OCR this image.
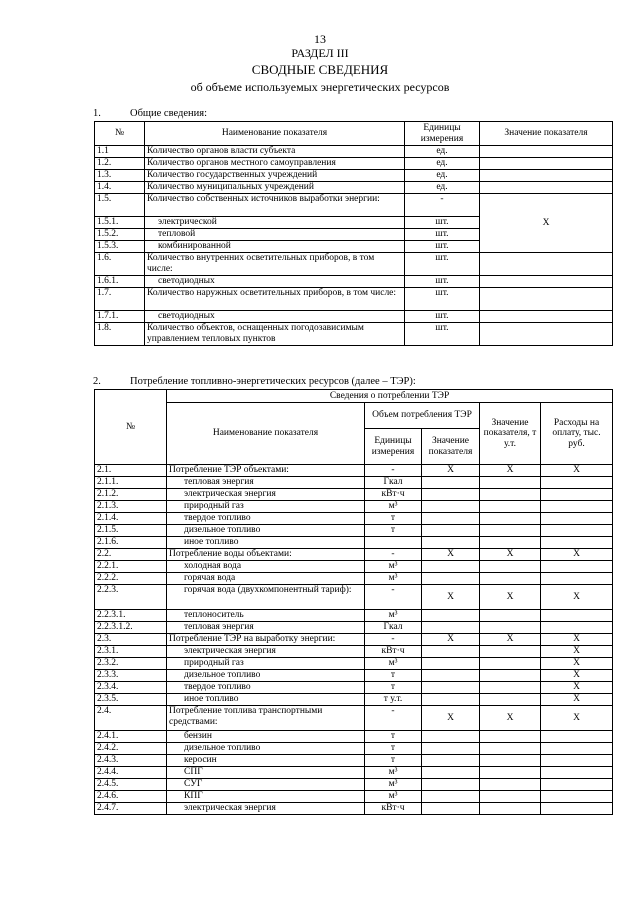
13
РАЗДЕЛ III
СВОДНЫЕ СВЕДЕНИЯ
об объеме используемых энергетических ресурсов
1.	Общие сведения:
№	Наименование показателя	Единицы измерения	Значение показателя
1.1	Количество органов власти субъекта	ед.	
1.2.	Количество органов местного самоуправления	ед.	
1.3.	Количество государственных учреждений	ед.	
1.4.	Количество муниципальных учреждений	ед.	
1.5.	Количество собственных источников выработки энергии:	-	X
1.5.1.	электрической	шт.	
1.5.2.	тепловой	шт.	
1.5.3.	комбинированной	шт.	
1.6.	Количество внутренних осветительных приборов, в том числе:	шт.	
1.6.1.	светодиодных	шт.	
1.7.	Количество наружных осветительных приборов, в том числе:	шт.	
1.7.1.	светодиодных	шт.	
1.8.	Количество объектов, оснащенных погодозависимым управлением тепловых пунктов	шт.	
2.	Потребление топливно-энергетических ресурсов (далее – ТЭР):
№	Сведения о потреблении ТЭР				
	Наименование показателя	Объем потребления ТЭР		Значение показателя, т у.т.	Расходы на оплату, тыс. руб.
		Единицы измерения	Значение показателя		
2.1.	Потребление ТЭР объектами:	-	X	X	X
2.1.1.	тепловая энергия	Гкал			
2.1.2.	электрическая энергия	кВт·ч			
2.1.3.	природный газ	м³			
2.1.4.	твердое топливо	т			
2.1.5.	дизельное топливо	т			
2.1.6.	иное топливо				
2.2.	Потребление воды объектами:	-	X	X	X
2.2.1.	холодная вода	м³			
2.2.2.	горячая вода	м³			
2.2.3.	горячая вода (двухкомпонентный тариф):	-	X	X	X
2.2.3.1.	теплоноситель	м³			
2.2.3.1.2.	тепловая энергия	Гкал			
2.3.	Потребление ТЭР на выработку энергии:	-	X	X	X
2.3.1.	электрическая энергия	кВт·ч			X
2.3.2.	природный газ	м³			X
2.3.3.	дизельное топливо	т			X
2.3.4.	твердое топливо	т			X
2.3.5.	иное топливо	т у.т.			X
2.4.	Потребление топлива транспортными средствами:	-	X	X	X
2.4.1.	бензин	т			
2.4.2.	дизельное топливо	т			
2.4.3.	керосин	т			
2.4.4.	СПГ	м³			
2.4.5.	СУГ	м³			
2.4.6.	КПГ	м³			
2.4.7.	электрическая энергия	кВт·ч			
